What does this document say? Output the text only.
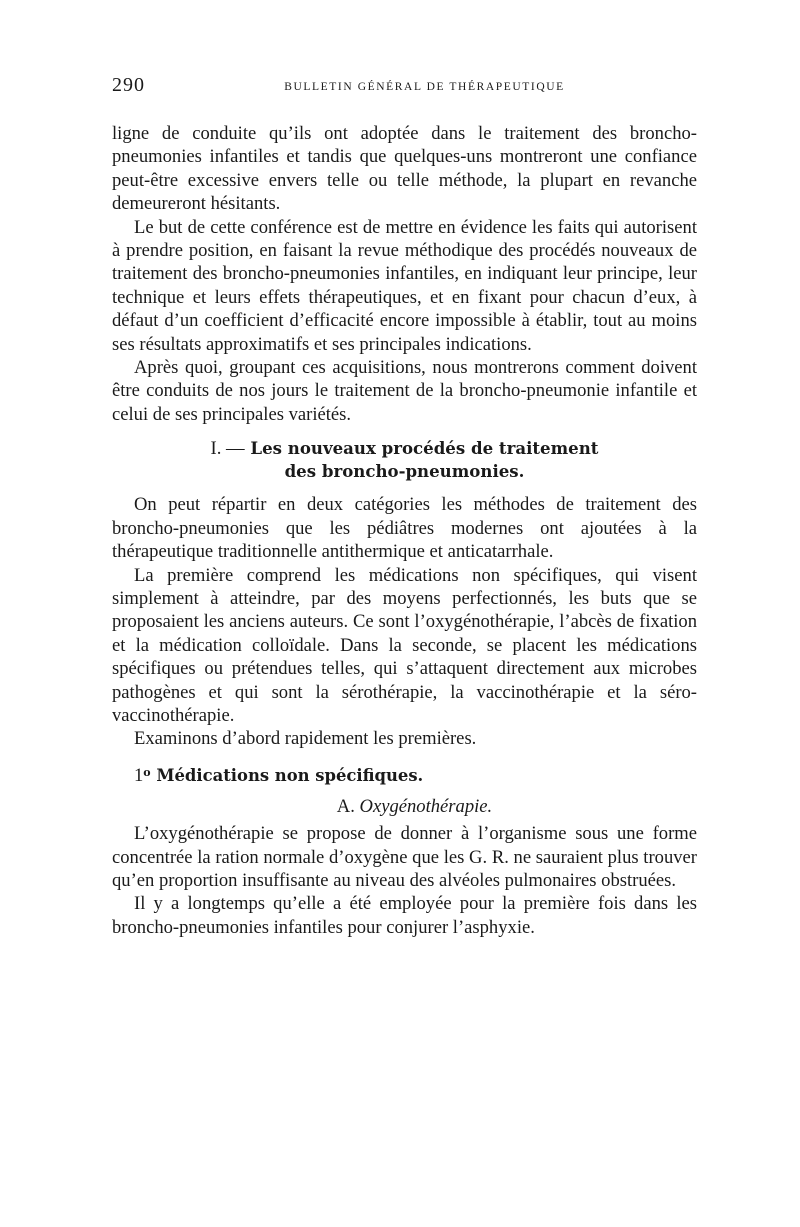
290	BULLETIN GÉNÉRAL DE THÉRAPEUTIQUE

ligne de conduite qu’ils ont adoptée dans le traitement des broncho-pneumonies infantiles et tandis que quelques-uns montreront une confiance peut-être excessive envers telle ou telle méthode, la plupart en revanche demeureront hésitants.

Le but de cette conférence est de mettre en évidence les faits qui autorisent à prendre position, en faisant la revue méthodique des procédés nouveaux de traitement des broncho-pneumonies infantiles, en indiquant leur principe, leur technique et leurs effets thérapeutiques, et en fixant pour chacun d’eux, à défaut d’un coefficient d’efficacité encore impossible à établir, tout au moins ses résultats approximatifs et ses principales indications.

Après quoi, groupant ces acquisitions, nous montrerons comment doivent être conduits de nos jours le traitement de la broncho-pneumonie infantile et celui de ses principales variétés.

I. — Les nouveaux procédés de traitement
des broncho-pneumonies.

On peut répartir en deux catégories les méthodes de traitement des broncho-pneumonies que les pédiâtres modernes ont ajoutées à la thérapeutique traditionnelle antithermique et anticatarrhale.

La première comprend les médications non spécifiques, qui visent simplement à atteindre, par des moyens perfectionnés, les buts que se proposaient les anciens auteurs. Ce sont l’oxygénothérapie, l’abcès de fixation et la médication colloïdale. Dans la seconde, se placent les médications spécifiques ou prétendues telles, qui s’attaquent directement aux microbes pathogènes et qui sont la sérothérapie, la vaccinothérapie et la séro-vaccinothérapie.

Examinons d’abord rapidement les premières.

1$^o$ Médications non spécifiques.
A. Oxygénothérapie.

L’oxygénothérapie se propose de donner à l’organisme sous une forme concentrée la ration normale d’oxygène que les G. R. ne sauraient plus trouver qu’en proportion insuffisante au niveau des alvéoles pulmonaires obstruées.

Il y a longtemps qu’elle a été employée pour la première fois dans les broncho-pneumonies infantiles pour conjurer l’asphyxie.
